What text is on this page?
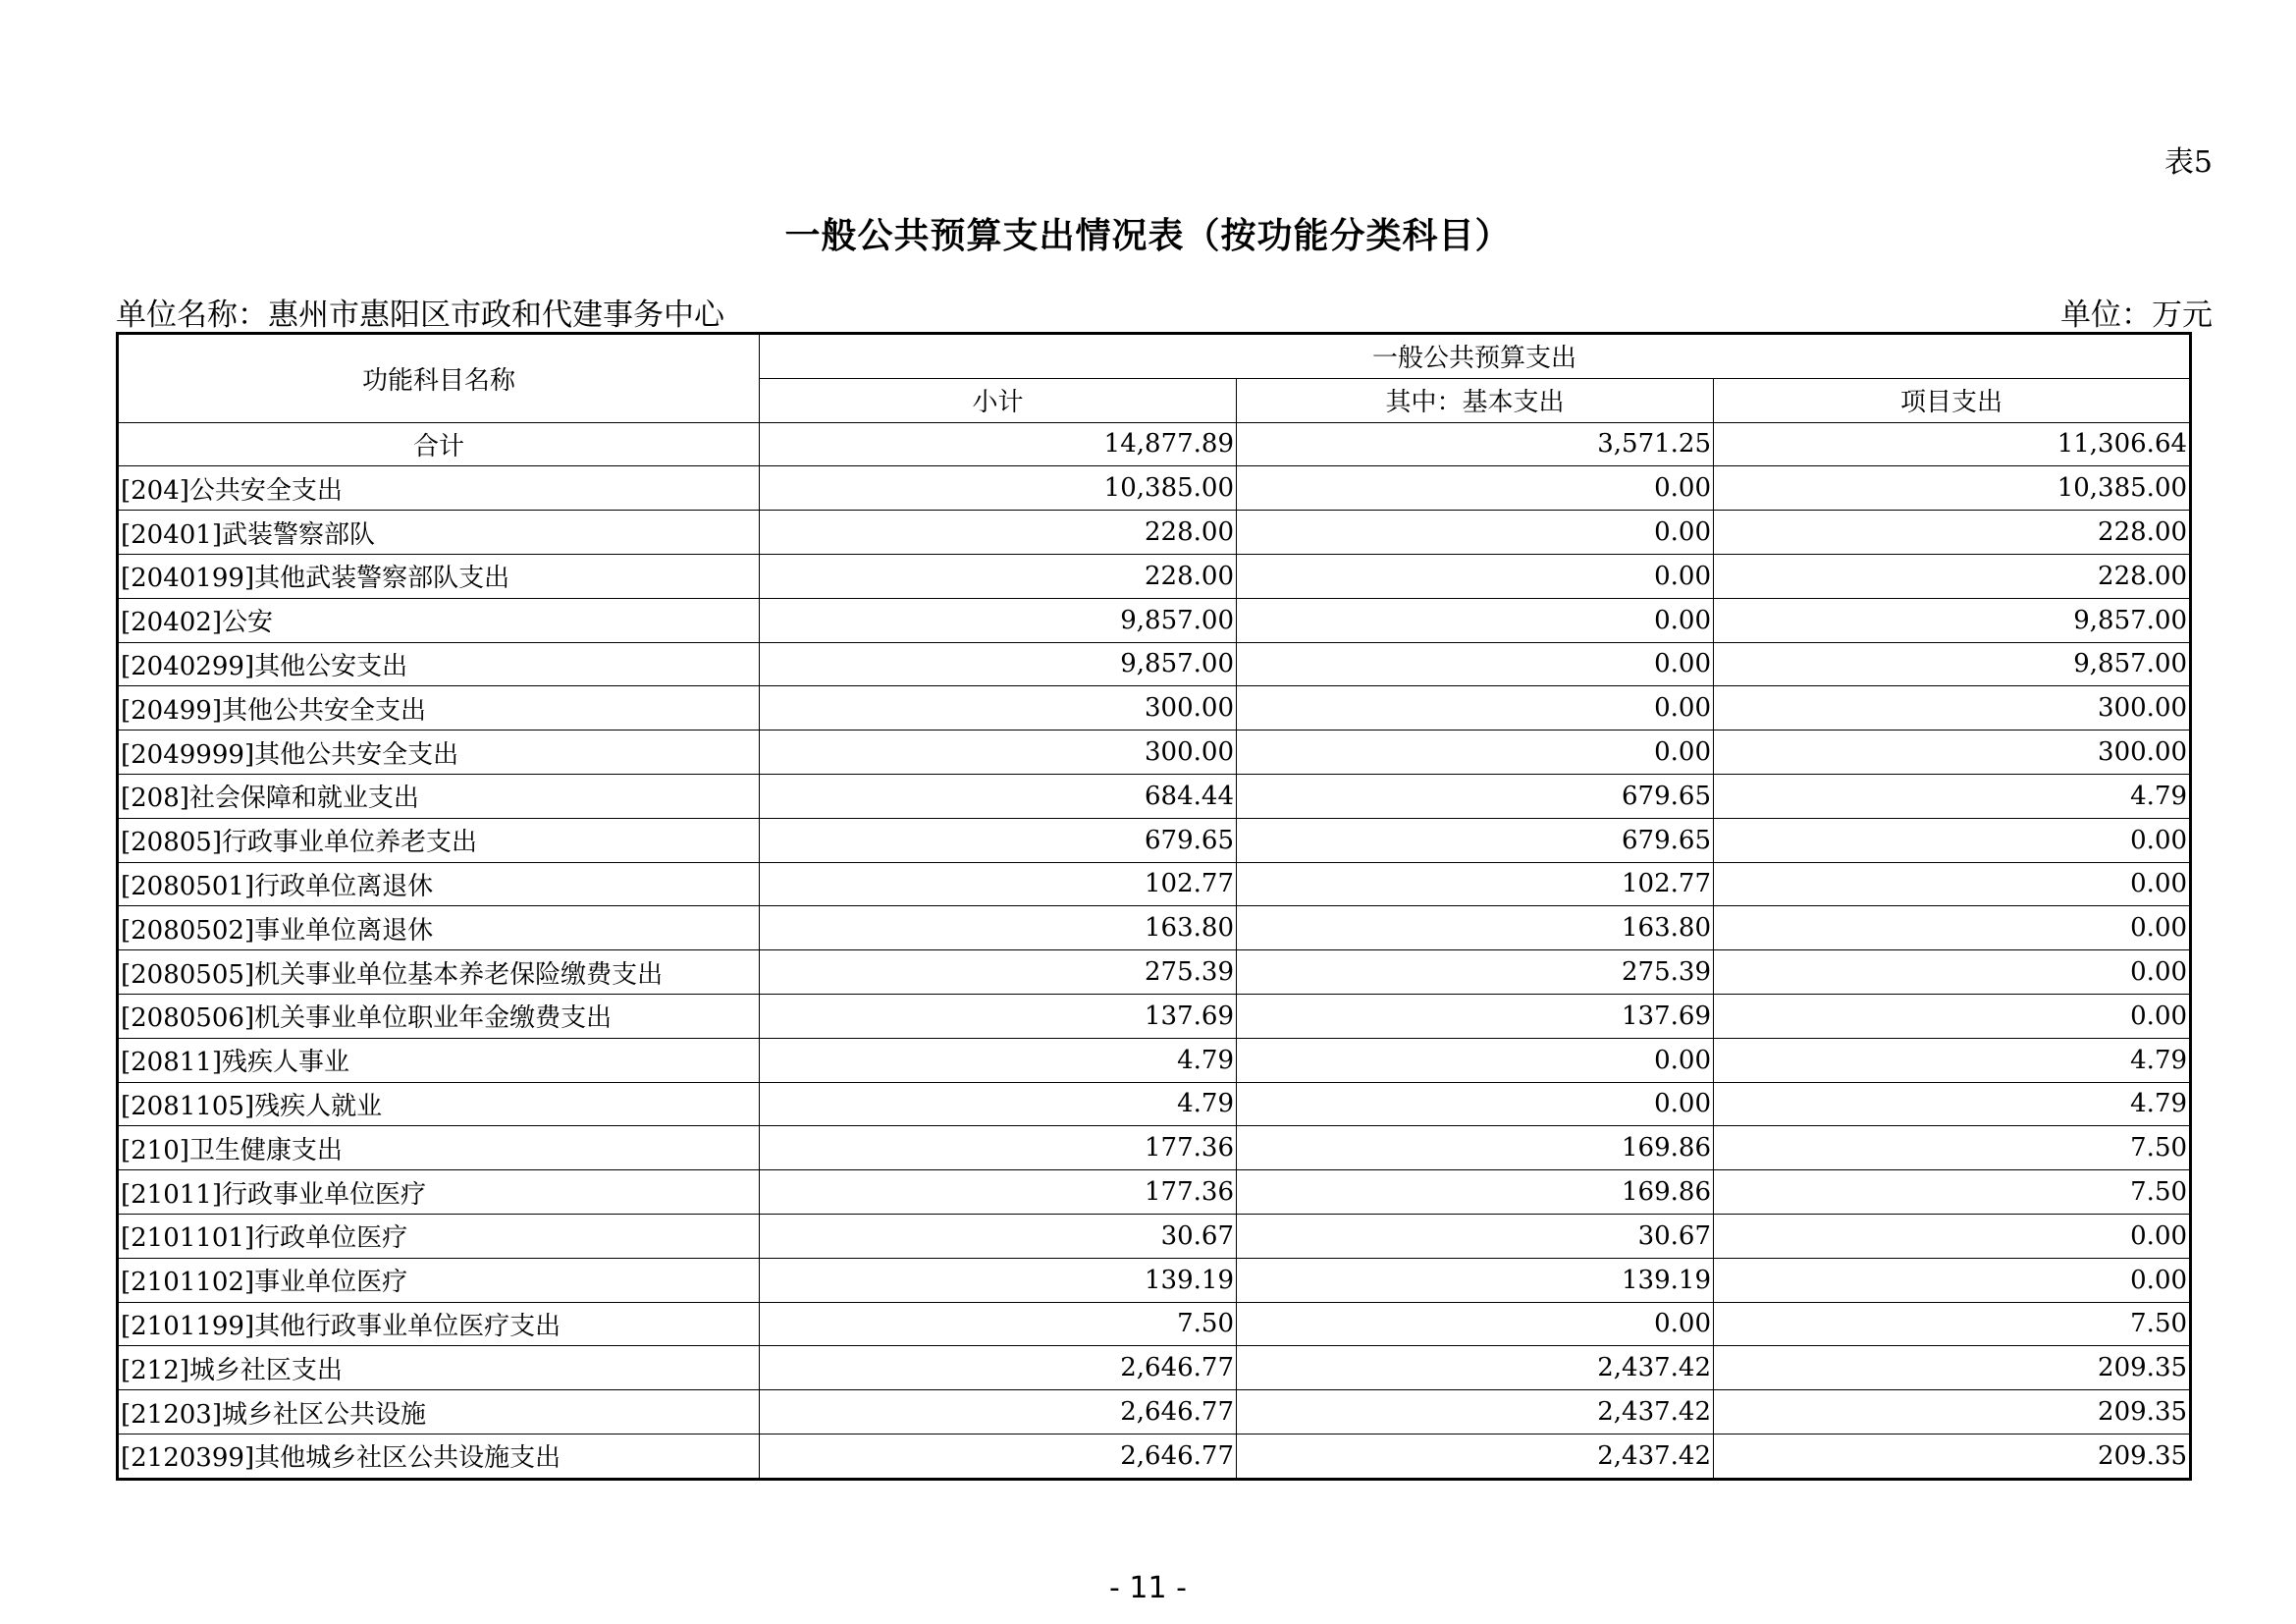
表5
一般公共预算支出情况表（按功能分类科目）
单位名称：惠州市惠阳区市政和代建事务中心	单位：万元
功能科目名称	一般公共预算支出		
	小计	其中：基本支出	项目支出
合计	14,877.89	3,571.25	11,306.64
[204]公共安全支出	10,385.00	0.00	10,385.00
[20401]武装警察部队	228.00	0.00	228.00
[2040199]其他武装警察部队支出	228.00	0.00	228.00
[20402]公安	9,857.00	0.00	9,857.00
[2040299]其他公安支出	9,857.00	0.00	9,857.00
[20499]其他公共安全支出	300.00	0.00	300.00
[2049999]其他公共安全支出	300.00	0.00	300.00
[208]社会保障和就业支出	684.44	679.65	4.79
[20805]行政事业单位养老支出	679.65	679.65	0.00
[2080501]行政单位离退休	102.77	102.77	0.00
[2080502]事业单位离退休	163.80	163.80	0.00
[2080505]机关事业单位基本养老保险缴费支出	275.39	275.39	0.00
[2080506]机关事业单位职业年金缴费支出	137.69	137.69	0.00
[20811]残疾人事业	4.79	0.00	4.79
[2081105]残疾人就业	4.79	0.00	4.79
[210]卫生健康支出	177.36	169.86	7.50
[21011]行政事业单位医疗	177.36	169.86	7.50
[2101101]行政单位医疗	30.67	30.67	0.00
[2101102]事业单位医疗	139.19	139.19	0.00
[2101199]其他行政事业单位医疗支出	7.50	0.00	7.50
[212]城乡社区支出	2,646.77	2,437.42	209.35
[21203]城乡社区公共设施	2,646.77	2,437.42	209.35
[2120399]其他城乡社区公共设施支出	2,646.77	2,437.42	209.35
- 11 -
